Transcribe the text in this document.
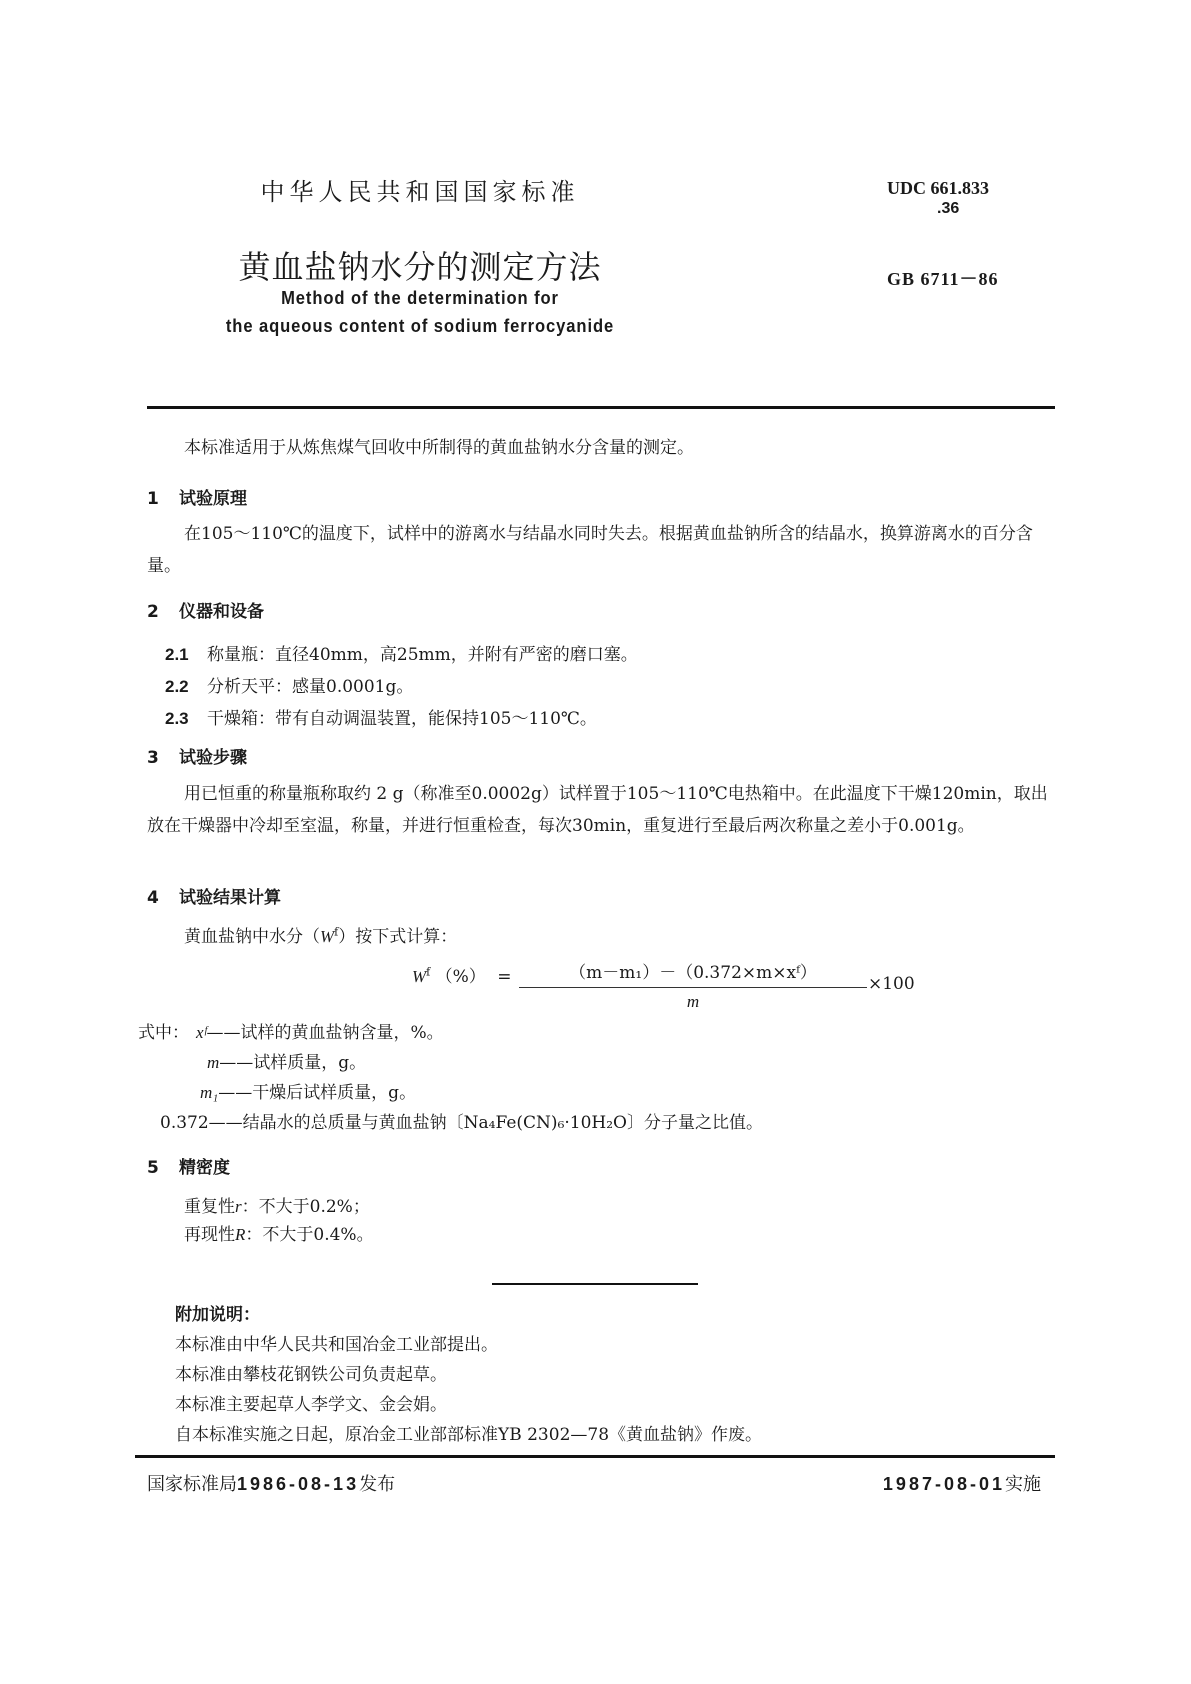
中华人民共和国国家标准
黄血盐钠水分的测定方法
Method of the determination for
the aqueous content of sodium ferrocyanide
UDC 661.833
.36
GB 6711－86
本标准适用于从炼焦煤气回收中所制得的黄血盐钠水分含量的测定。
1 试验原理
在105～110℃的温度下，试样中的游离水与结晶水同时失去。根据黄血盐钠所含的结晶水，换算游离水的百分含量。
2 仪器和设备
2.1 称量瓶：直径40mm，高25mm，并附有严密的磨口塞。
2.2 分析天平：感量0.0001g。
2.3 干燥箱：带有自动调温装置，能保持105～110℃。
3 试验步骤
用已恒重的称量瓶称取约 2 g（称准至0.0002g）试样置于105～110℃电热箱中。在此温度下干燥120min，取出放在干燥器中冷却至室温，称量，并进行恒重检查，每次30min，重复进行至最后两次称量之差小于0.001g。
4 试验结果计算
黄血盐钠中水分$(W^f)$按下式计算：
$W^f$ （%） =	（m－m₁）－（0.372×m×xᶠ）
m
×100
式中： xᶠ——试样的黄血盐钠含量，%。
m——试样质量，g。
m₁——干燥后试样质量，g。
0.372——结晶水的总质量与黄血盐钠〔Na₄Fe(CN)₆·10H₂O〕分子量之比值。
5 精密度
重复性r：不大于0.2%；
再现性R：不大于0.4%。
附加说明：
本标准由中华人民共和国冶金工业部提出。
本标准由攀枝花钢铁公司负责起草。
本标准主要起草人李学文、金会娟。
自本标准实施之日起，原冶金工业部部标准YB 2302—78《黄血盐钠》作废。
国家标准局1986-08-13发布	1987-08-01实施
